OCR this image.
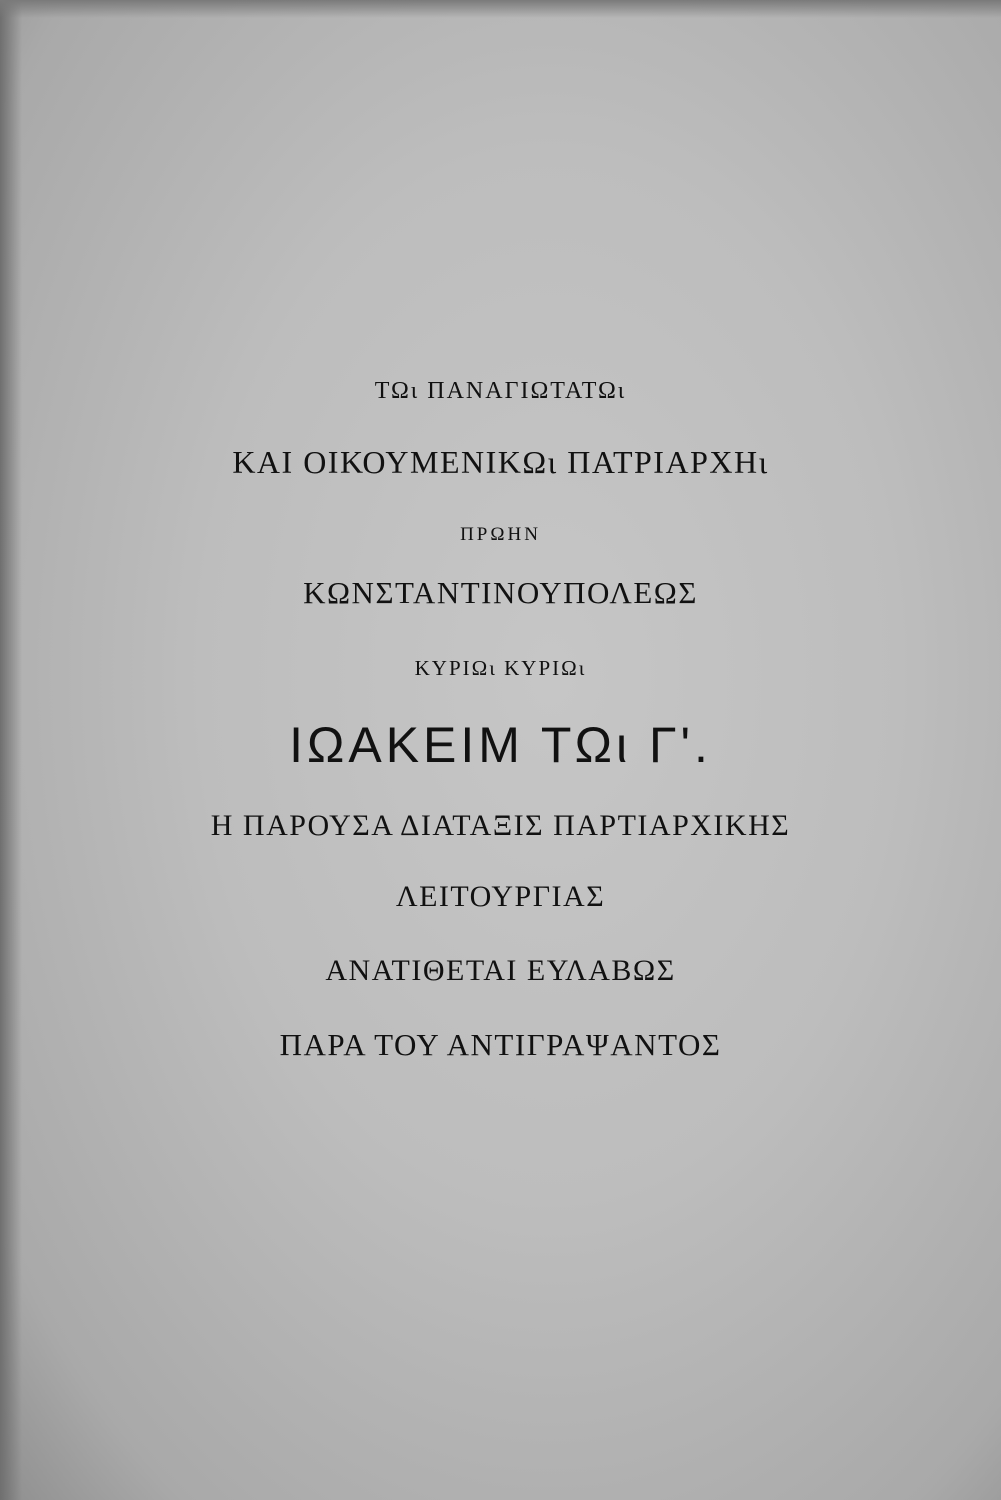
ΤΩι ΠΑΝΑΓΙΩΤΑΤΩι
ΚΑΙ ΟΙΚΟΥΜΕΝΙΚΩι ΠΑΤΡΙΑΡΧΗι
ΠΡΩΗΝ
ΚΩΝΣΤΑΝΤΙΝΟΥΠΟΛΕΩΣ
ΚΥΡΙΩι ΚΥΡΙΩι
ΙΩΑΚΕΙΜ ΤΩι Γ'.
Η ΠΑΡΟΥΣΑ ΔΙΑΤΑΞΙΣ ΠΑΡΤΙΑΡΧΙΚΗΣ
ΛΕΙΤΟΥΡΓΙΑΣ
ΑΝΑΤΙΘΕΤΑΙ ΕΥΛΑΒΩΣ
ΠΑΡΑ ΤΟΥ ΑΝΤΙΓΡΑΨΑΝΤΟΣ
